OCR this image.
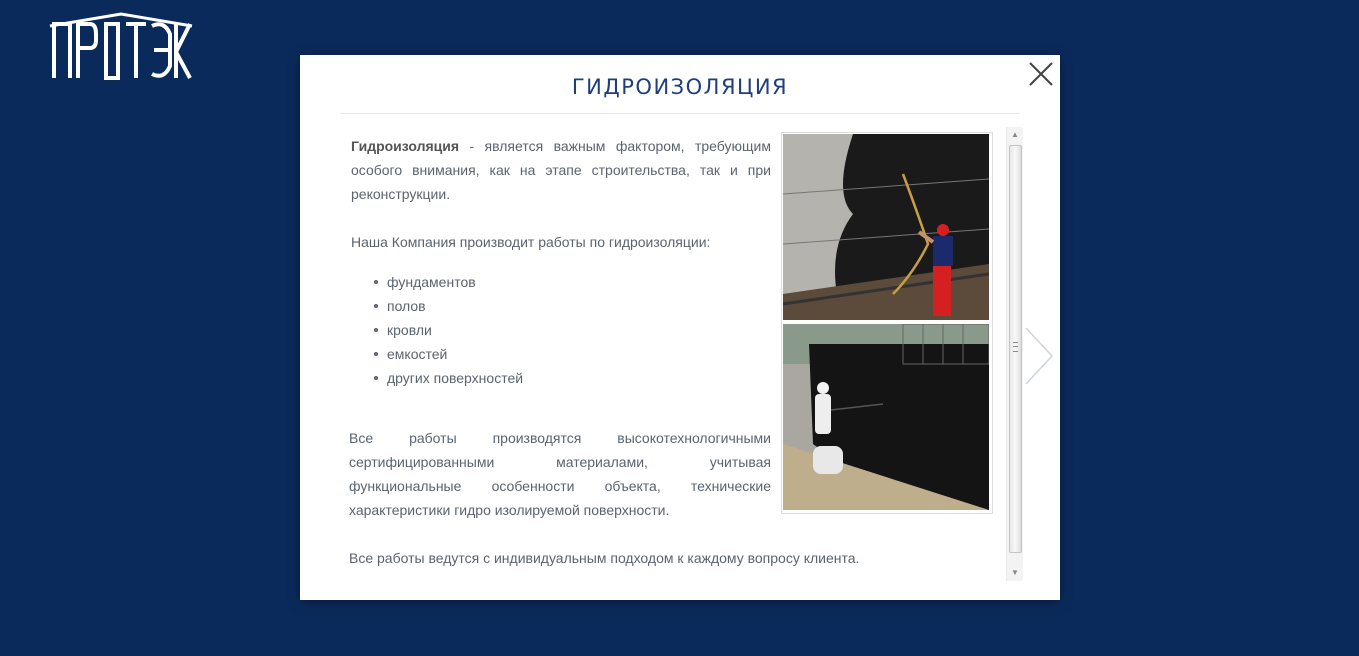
ГИДРОИЗОЛЯЦИЯ
Гидроизоляция - является важным фактором, требующим особого внимания, как на этапе строительства, так и при реконструкции.
Наша Компания производит работы по гидроизоляции:
фундаментов
полов
кровли
емкостей
других поверхностей
Все работы производятся высокотехнологичными сертифицированными материалами, учитывая функциональные особенности объекта, технические характеристики гидро изолируемой поверхности.
Все работы ведутся с индивидуальным подходом к каждому вопросу клиента.
▲
▼
